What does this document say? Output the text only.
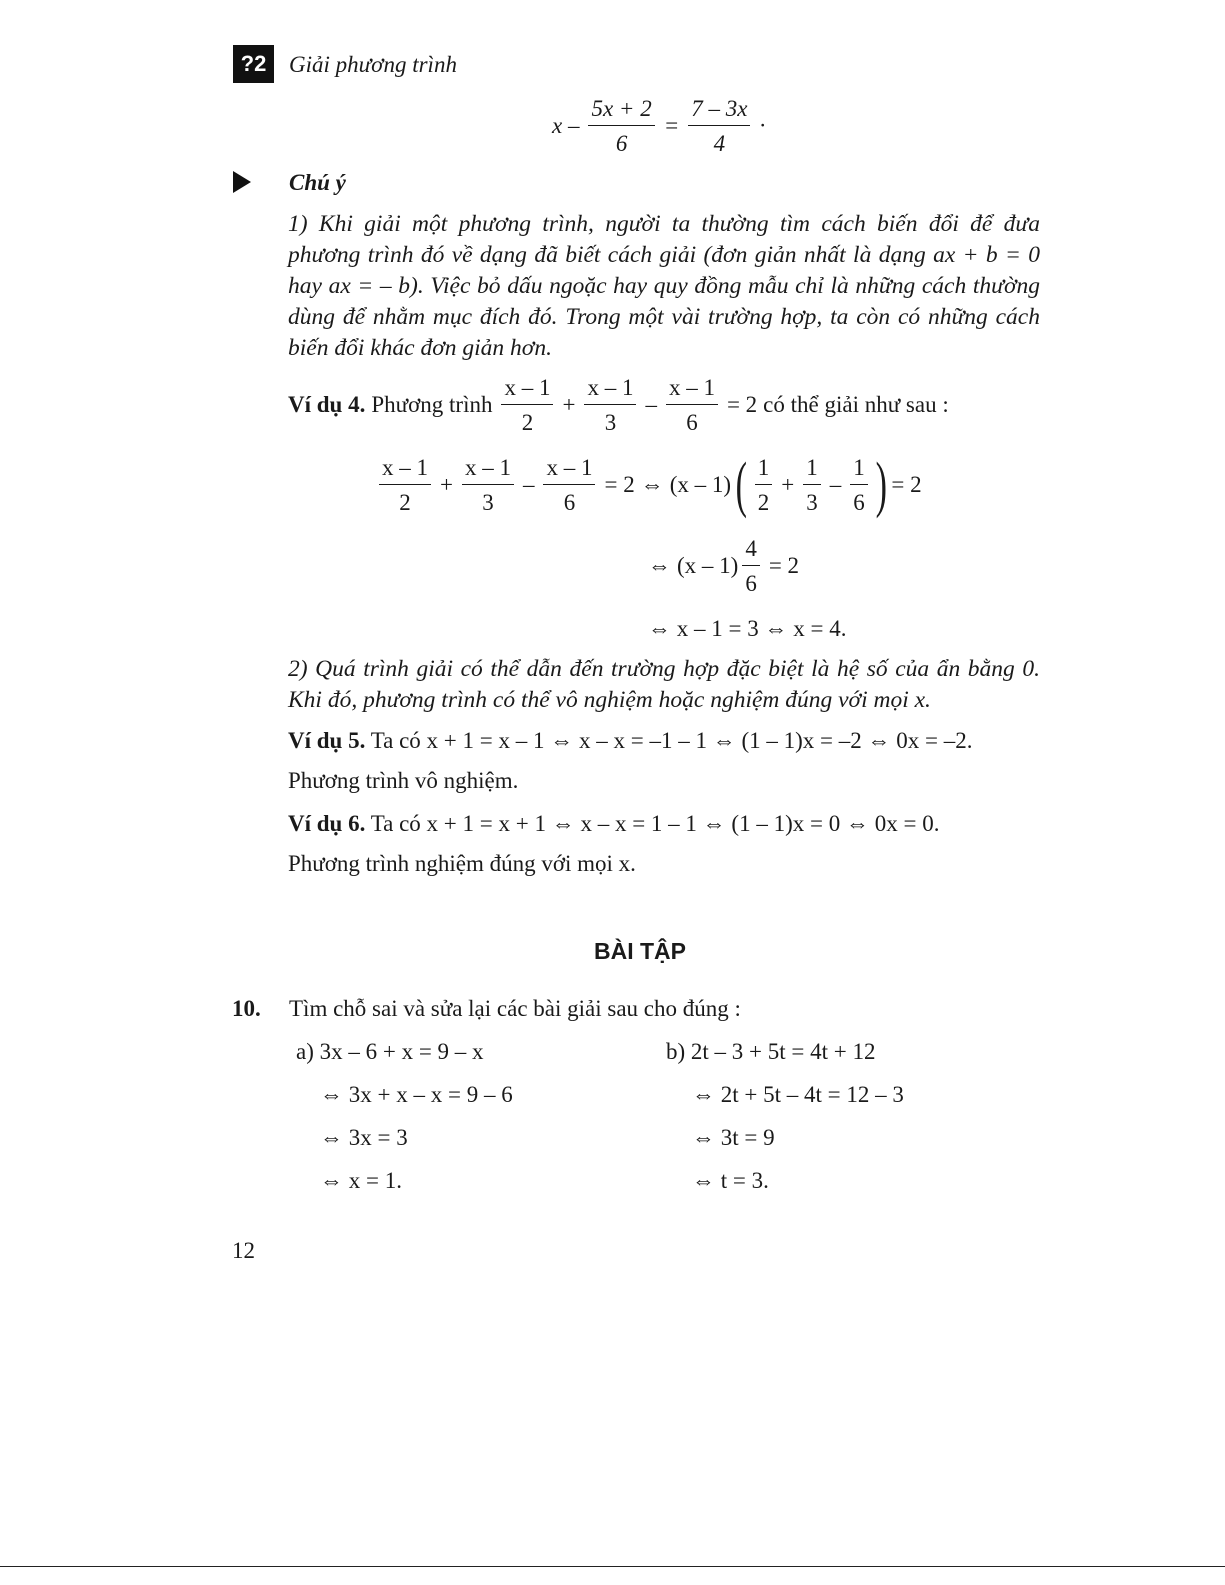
?2 Giải phương trình
$x - \frac{5x + 2}{6} = \frac{7 - 3x}{4}$ ·
Chú ý
1) Khi giải một phương trình, người ta thường tìm cách biến đổi để đưa phương trình đó về dạng đã biết cách giải (đơn giản nhất là dạng ax + b = 0 hay ax = – b). Việc bỏ dấu ngoặc hay quy đồng mẫu chỉ là những cách thường dùng để nhằm mục đích đó. Trong một vài trường hợp, ta còn có những cách biến đổi khác đơn giản hơn.
Ví dụ 4. Phương trình $\frac{x - 1}{2} + \frac{x - 1}{3} - \frac{x - 1}{6} = 2$ có thể giải như sau :
$\frac{x - 1}{2} + \frac{x - 1}{3} - \frac{x - 1}{6} = 2$ ⇔ (x – 1) ( $\frac{1}{2} + \frac{1}{3} - \frac{1}{6}$ ) = 2
⇔ $(x - 1) \frac{4}{6} = 2$
⇔ x – 1 = 3 ⇔ x = 4.
2) Quá trình giải có thể dẫn đến trường hợp đặc biệt là hệ số của ẩn bằng 0. Khi đó, phương trình có thể vô nghiệm hoặc nghiệm đúng với mọi x.
Ví dụ 5. Ta có x + 1 = x – 1 ⇔ x – x = –1 – 1 ⇔ (1 – 1)x = –2 ⇔ 0x = –2.
Phương trình vô nghiệm.
Ví dụ 6. Ta có x + 1 = x + 1 ⇔ x – x = 1 – 1 ⇔ (1 – 1)x = 0 ⇔ 0x = 0.
Phương trình nghiệm đúng với mọi x.
BÀI TẬP
10. Tìm chỗ sai và sửa lại các bài giải sau cho đúng :
a) 3x – 6 + x = 9 – x
⇔ 3x + x – x = 9 – 6
⇔ 3x = 3
⇔ x = 1.
b) 2t – 3 + 5t = 4t + 12
⇔ 2t + 5t – 4t = 12 – 3
⇔ 3t = 9
⇔ t = 3.
12
